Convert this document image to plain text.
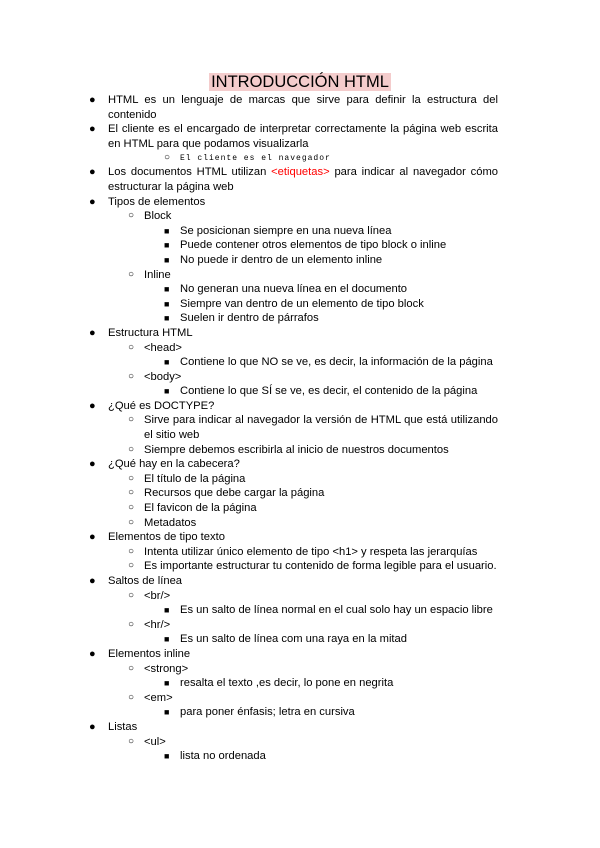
INTRODUCCIÓN HTML
● HTML es un lenguaje de marcas que sirve para definir la estructura del contenido
● El cliente es el encargado de interpretar correctamente la página web escrita en HTML para que podamos visualizarla
○ El cliente es el navegador
● Los documentos HTML utilizan <etiquetas> para indicar al navegador cómo estructurar la página web
● Tipos de elementos
○ Block
■ Se posicionan siempre en una nueva línea
■ Puede contener otros elementos de tipo block o inline
■ No puede ir dentro de un elemento inline
○ Inline
■ No generan una nueva línea en el documento
■ Siempre van dentro de un elemento de tipo block
■ Suelen ir dentro de párrafos
● Estructura HTML
○ <head>
■ Contiene lo que NO se ve, es decir, la información de la página
○ <body>
■ Contiene lo que SÍ se ve, es decir, el contenido de la página
● ¿Qué es DOCTYPE?
○ Sirve para indicar al navegador la versión de HTML que está utilizando el sitio web
○ Siempre debemos escribirla al inicio de nuestros documentos
● ¿Qué hay en la cabecera?
○ El título de la página
○ Recursos que debe cargar la página
○ El favicon de la página
○ Metadatos
● Elementos de tipo texto
○ Intenta utilizar único elemento de tipo <h1> y respeta las jerarquías
○ Es importante estructurar tu contenido de forma legible para el usuario.
● Saltos de línea
○ <br/>
■ Es un salto de línea normal en el cual solo hay un espacio libre
○ <hr/>
■ Es un salto de línea com una raya en la mitad
● Elementos inline
○ <strong>
■ resalta el texto ,es decir, lo pone en negrita
○ <em>
■ para poner énfasis; letra en cursiva
● Listas
○ <ul>
■ lista no ordenada
